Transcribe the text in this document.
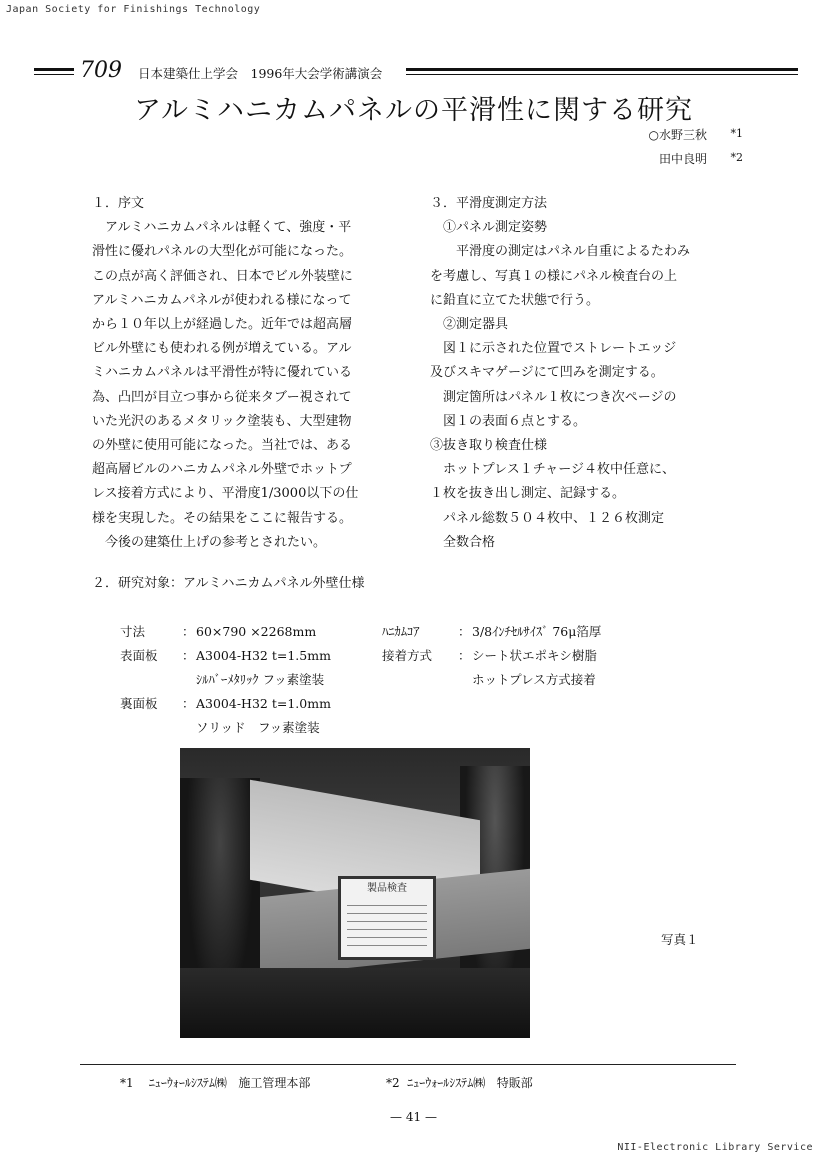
Japan Society for Finishings Technology
709 日本建築仕上学会　1996年大会学術講演会
アルミハニカムパネルの平滑性に関する研究
○水野三秋 *1
田中良明 *2

１．序文

アルミハニカムパネルは軽くて、強度・平

滑性に優れパネルの大型化が可能になった。

この点が高く評価され、日本でビル外装壁に

アルミハニカムパネルが使われる様になって

から１０年以上が経過した。近年では超高層

ビル外壁にも使われる例が増えている。アル

ミハニカムパネルは平滑性が特に優れている

為、凸凹が目立つ事から従来タブー視されて

いた光沢のあるメタリック塗装も、大型建物

の外壁に使用可能になった。当社では、ある

超高層ビルのハニカムパネル外壁でホットプ

レス接着方式により、平滑度1/3000以下の仕

様を実現した。その結果をここに報告する。

今後の建築仕上げの参考とされたい。

３．平滑度測定方法

①パネル測定姿勢

平滑度の測定はパネル自重によるたわみ

を考慮し、写真１の様にパネル検査台の上

に鉛直に立てた状態で行う。

②測定器具

図１に示された位置でストレートエッジ

及びスキマゲージにて凹みを測定する。

測定箇所はパネル１枚につき次ページの

図１の表面６点とする。

③抜き取り検査仕様

ホットプレス１チャージ４枚中任意に、

１枚を抜き出し測定、記録する。

パネル総数５０４枚中、１２６枚測定

全数合格

２．研究対象：アルミハニカムパネル外壁仕様
寸法	： 60×790 ×2268mm
表面板	： A3004-H32 t=1.5mm
ｼﾙﾊﾞｰﾒﾀﾘｯｸ フッ素塗装
裏面板	： A3004-H32 t=1.0mm
ソリッド　フッ素塗装
ﾊﾆｶﾑｺｱ	： 3/8ｲﾝﾁｾﾙｻｲｽﾞ 76μ箔厚
接着方式	： シート状エポキシ樹脂
ホットプレス方式接着
製品検査
写真１
*1 ﾆｭｰｳｫｰﾙｼｽﾃﾑ㈱ 施工管理本部	*2 ﾆｭｰｳｫｰﾙｼｽﾃﾑ㈱ 特販部
— 41 —
NII-Electronic Library Service
